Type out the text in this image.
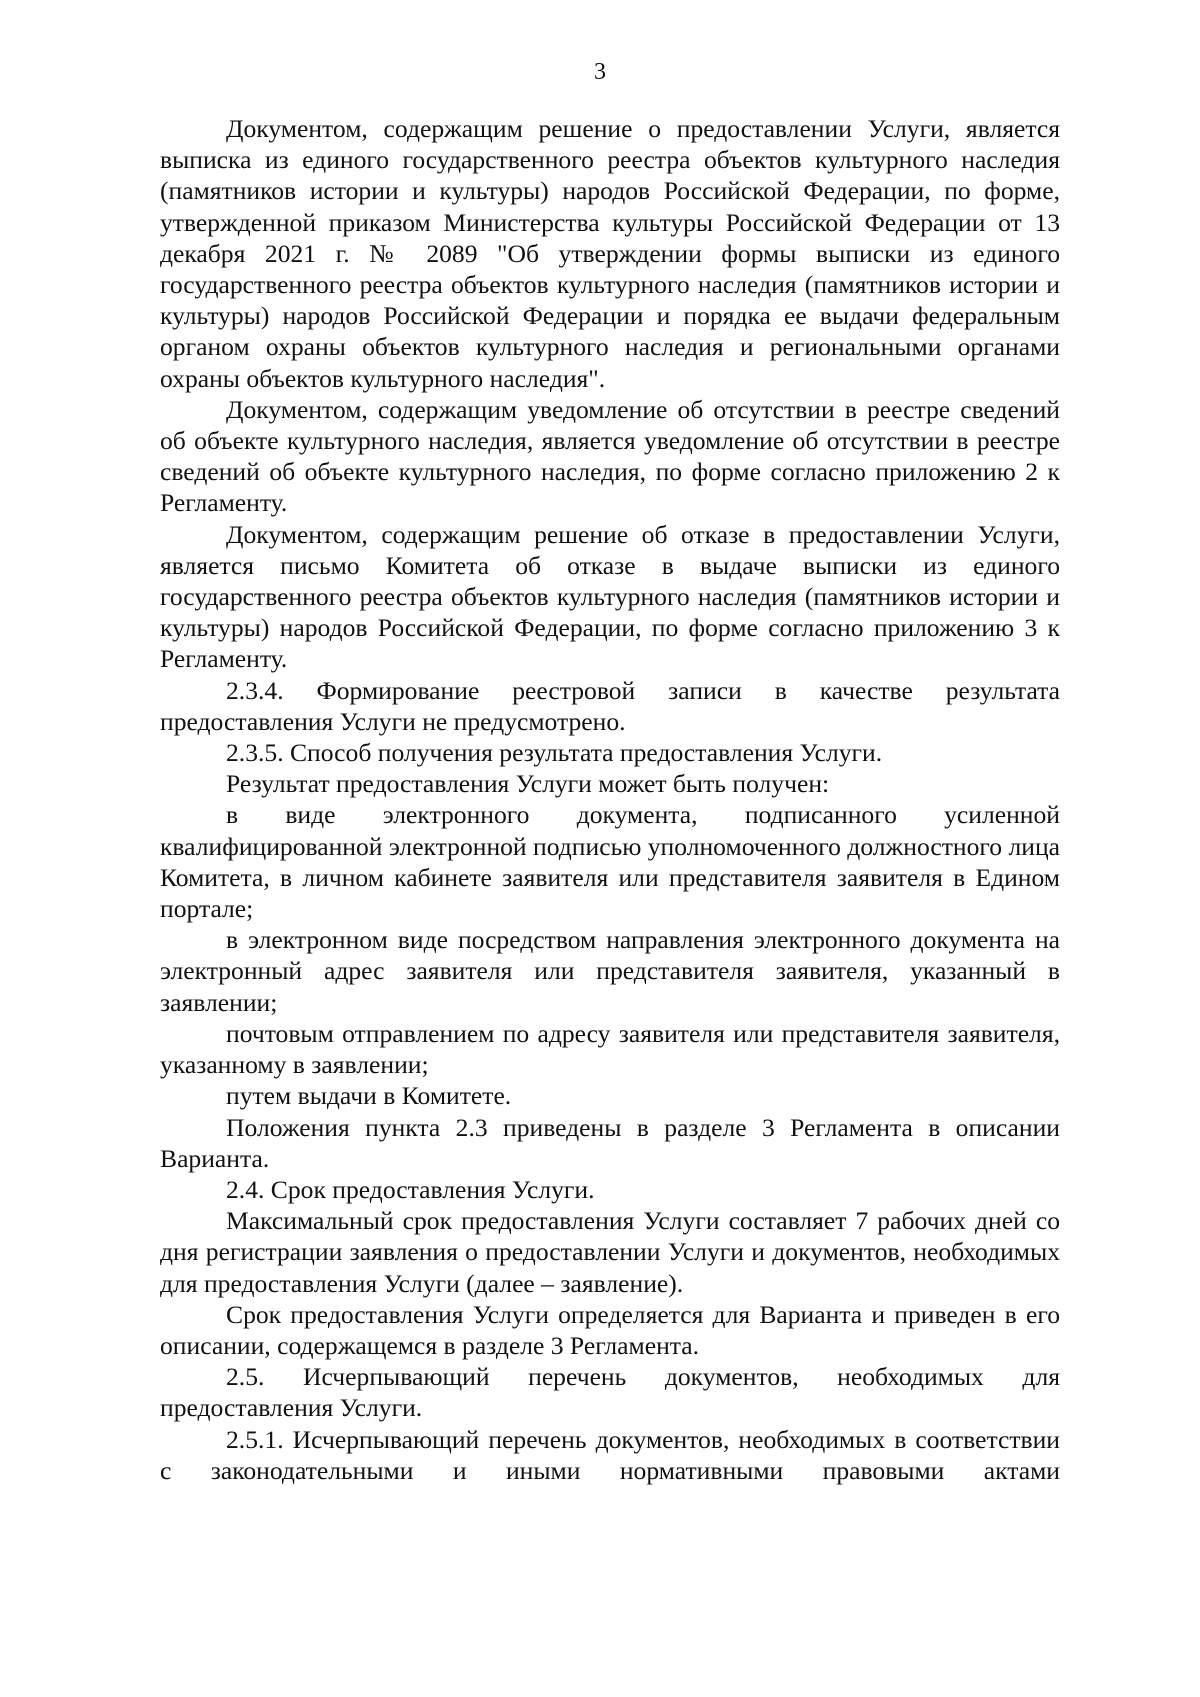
3

Документом, содержащим решение о предоставлении Услуги, является выписка из единого государственного реестра объектов культурного наследия (памятников истории и культуры) народов Российской Федерации, по форме, утвержденной приказом Министерства культуры Российской Федерации от 13 декабря 2021 г. № 2089 "Об утверждении формы выписки из единого государственного реестра объектов культурного наследия (памятников истории и культуры) народов Российской Федерации и порядка ее выдачи федеральным органом охраны объектов культурного наследия и региональными органами охраны объектов культурного наследия".

Документом, содержащим уведомление об отсутствии в реестре сведений об объекте культурного наследия, является уведомление об отсутствии в реестре сведений об объекте культурного наследия, по форме согласно приложению 2 к Регламенту.

Документом, содержащим решение об отказе в предоставлении Услуги, является письмо Комитета об отказе в выдаче выписки из единого государственного реестра объектов культурного наследия (памятников истории и культуры) народов Российской Федерации, по форме согласно приложению 3 к Регламенту.

2.3.4. Формирование реестровой записи в качестве результата предоставления Услуги не предусмотрено.

2.3.5. Способ получения результата предоставления Услуги.

Результат предоставления Услуги может быть получен:

в виде электронного документа, подписанного усиленной квалифицированной электронной подписью уполномоченного должностного лица Комитета, в личном кабинете заявителя или представителя заявителя в Едином портале;

в электронном виде посредством направления электронного документа на электронный адрес заявителя или представителя заявителя, указанный в заявлении;

почтовым отправлением по адресу заявителя или представителя заявителя, указанному в заявлении;

путем выдачи в Комитете.

Положения пункта 2.3 приведены в разделе 3 Регламента в описании Варианта.

2.4. Срок предоставления Услуги.

Максимальный срок предоставления Услуги составляет 7 рабочих дней со дня регистрации заявления о предоставлении Услуги и документов, необходимых для предоставления Услуги (далее – заявление).

Срок предоставления Услуги определяется для Варианта и приведен в его описании, содержащемся в разделе 3 Регламента.

2.5. Исчерпывающий перечень документов, необходимых для предоставления Услуги.

2.5.1. Исчерпывающий перечень документов, необходимых в соответствии с законодательными и иными нормативными правовыми актами
